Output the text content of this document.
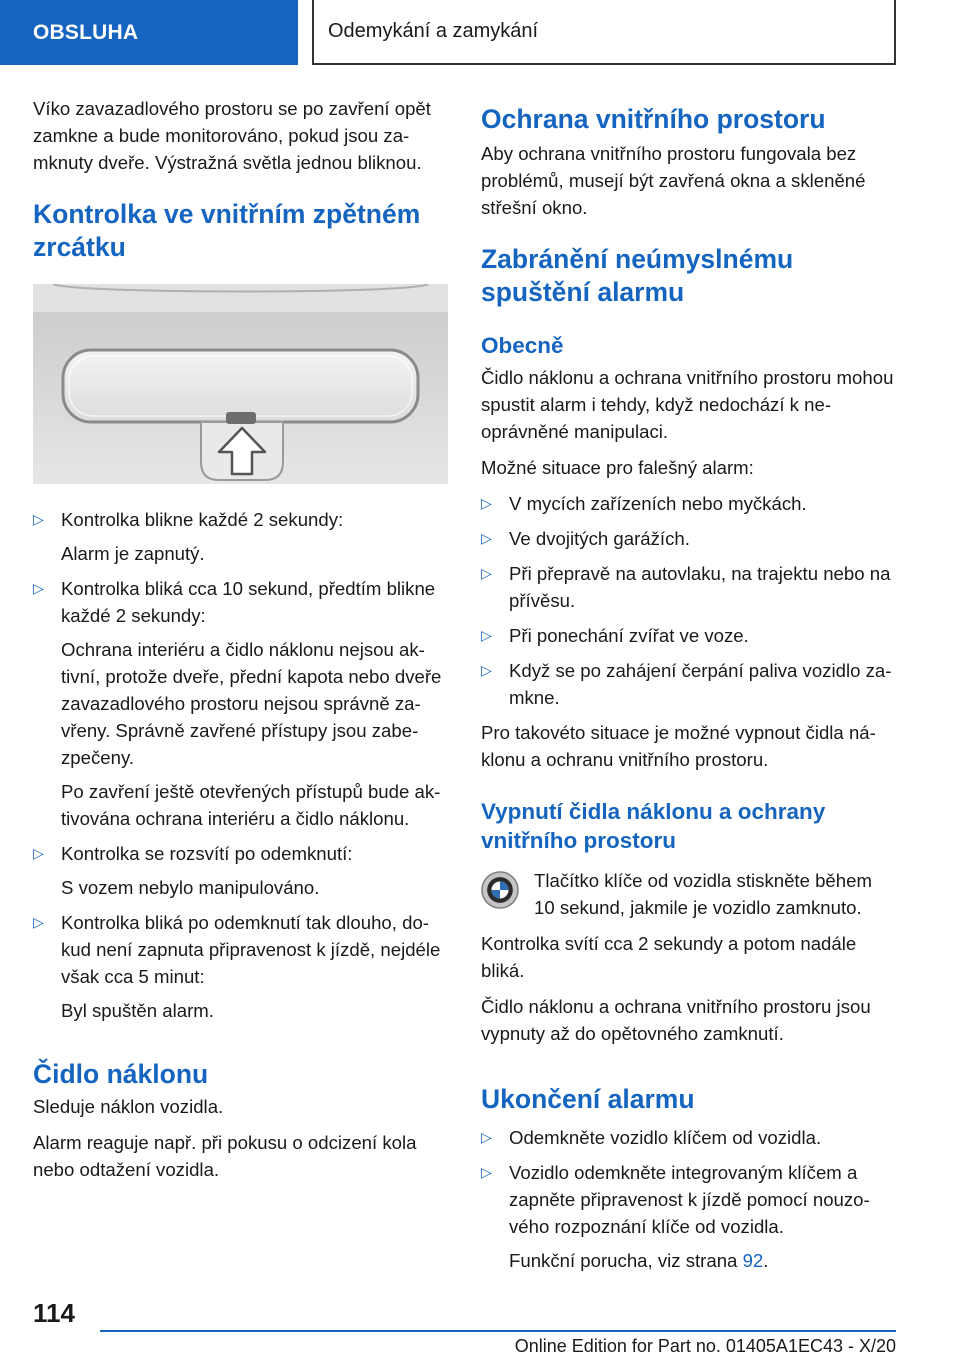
OBSLUHA	Odemykání a zamykání

Víko zavazadlového prostoru se po zavření opět zamkne a bude monitorováno, pokud jsou zamknuty dveře. Výstražná světla jednou bliknou.

Kontrolka ve vnitřním zpětném zrcátku
▷ Kontrolka blikne každé 2 sekundy:
Alarm je zapnutý.
▷ Kontrolka bliká cca 10 sekund, předtím blikne každé 2 sekundy:
Ochrana interiéru a čidlo náklonu nejsou aktivní, protože dveře, přední kapota nebo dveře zavazadlového prostoru nejsou správně zavřeny. Správně zavřené přístupy jsou zabezpečeny.
Po zavření ještě otevřených přístupů bude aktivována ochrana interiéru a čidlo náklonu.
▷ Kontrolka se rozsvítí po odemknutí:
S vozem nebylo manipulováno.
▷ Kontrolka bliká po odemknutí tak dlouho, dokud není zapnuta připravenost k jízdě, nejdéle však cca 5 minut:
Byl spuštěn alarm.
Čidlo náklonu

Sleduje náklon vozidla.

Alarm reaguje např. při pokusu o odcizení kola nebo odtažení vozidla.

Ochrana vnitřního prostoru

Aby ochrana vnitřního prostoru fungovala bez problémů, musejí být zavřená okna a skleněné střešní okno.

Zabránění neúmyslnému spuštění alarmu
Obecně

Čidlo náklonu a ochrana vnitřního prostoru mohou spustit alarm i tehdy, když nedochází k neoprávněné manipulaci.

Možné situace pro falešný alarm:

▷ V mycích zařízeních nebo myčkách.
▷ Ve dvojitých garážích.
▷ Při přepravě na autovlaku, na trajektu nebo na přívěsu.
▷ Při ponechání zvířat ve voze.
▷ Když se po zahájení čerpání paliva vozidlo zamkne.

Pro takovéto situace je možné vypnout čidla náklonu a ochranu vnitřního prostoru.

Vypnutí čidla náklonu a ochrany vnitřního prostoru

Tlačítko klíče od vozidla stiskněte během 10 sekund, jakmile je vozidlo zamknuto.

Kontrolka svítí cca 2 sekundy a potom nadále bliká.

Čidlo náklonu a ochrana vnitřního prostoru jsou vypnuty až do opětovného zamknutí.

Ukončení alarmu
▷ Odemkněte vozidlo klíčem od vozidla.
▷ Vozidlo odemkněte integrovaným klíčem a zapněte připravenost k jízdě pomocí nouzového rozpoznání klíče od vozidla.
Funkční porucha, viz strana 92.
114
Online Edition for Part no. 01405A1EC43 - X/20
